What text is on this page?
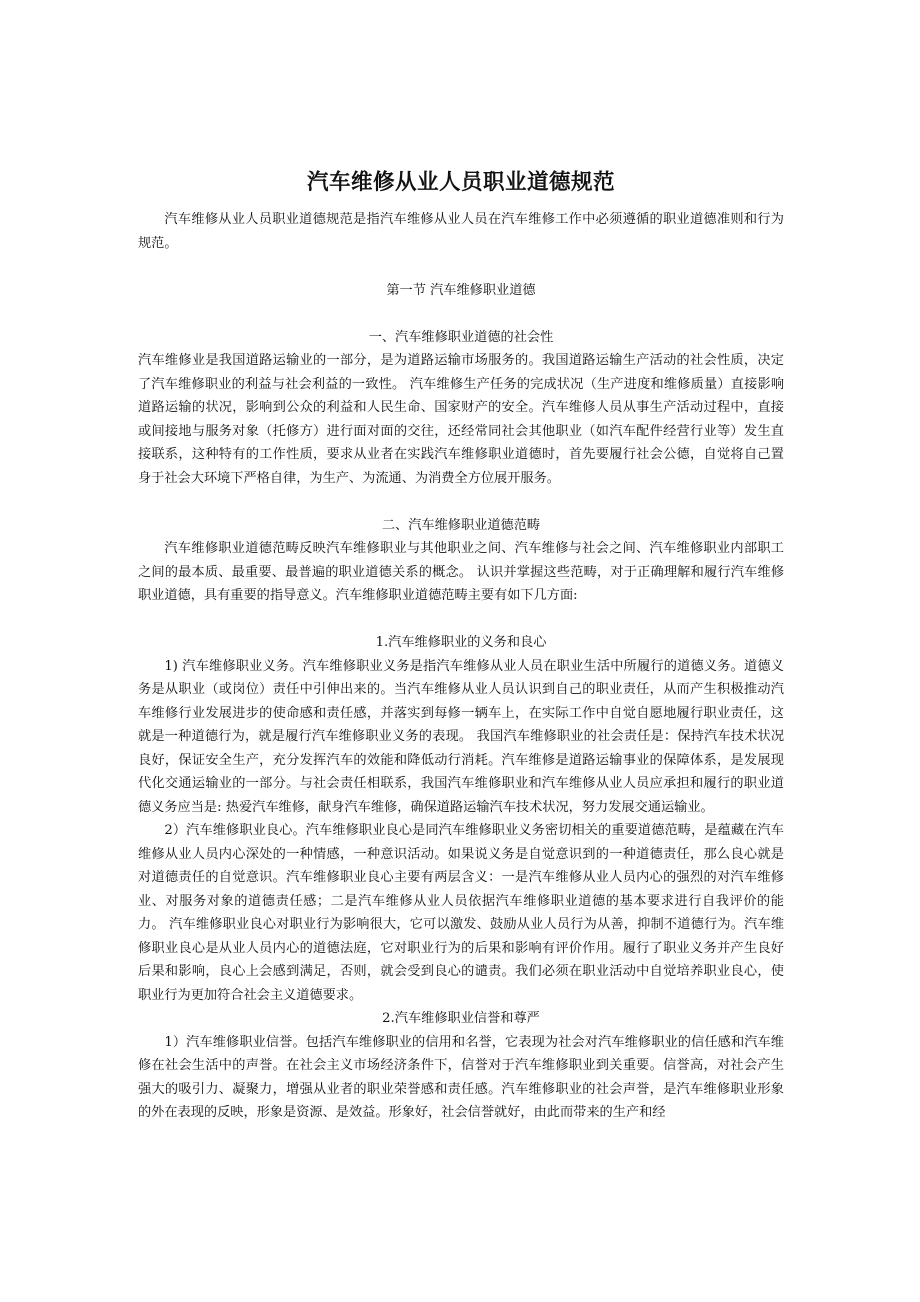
汽车维修从业人员职业道德规范

汽车维修从业人员职业道德规范是指汽车维修从业人员在汽车维修工作中必须遵循的职业道德准则和行为规范。

第一节 汽车维修职业道德

一、汽车维修职业道德的社会性

汽车维修业是我国道路运输业的一部分，是为道路运输市场服务的。我国道路运输生产活动的社会性质，决定了汽车维修职业的利益与社会利益的一致性。 汽车维修生产任务的完成状况（生产进度和维修质量）直接影响道路运输的状况，影响到公众的利益和人民生命、国家财产的安全。汽车维修人员从事生产活动过程中，直接或间接地与服务对象（托修方）进行面对面的交往，还经常同社会其他职业（如汽车配件经营行业等）发生直接联系，这种特有的工作性质，要求从业者在实践汽车维修职业道德时，首先要履行社会公德，自觉将自己置身于社会大环境下严格自律，为生产、为流通、为消费全方位展开服务。

二、汽车维修职业道德范畴

汽车维修职业道德范畴反映汽车维修职业与其他职业之间、汽车维修与社会之间、汽车维修职业内部职工之间的最本质、最重要、最普遍的职业道德关系的概念。 认识并掌握这些范畴，对于正确理解和履行汽车维修职业道德，具有重要的指导意义。汽车维修职业道德范畴主要有如下几方面:

1.汽车维修职业的义务和良心

1) 汽车维修职业义务。汽车维修职业义务是指汽车维修从业人员在职业生活中所履行的道德义务。道德义务是从职业（或岗位）责任中引伸出来的。当汽车维修从业人员认识到自己的职业责任，从而产生积极推动汽车维修行业发展进步的使命感和责任感，并落实到每修一辆车上，在实际工作中自觉自愿地履行职业责任，这就是一种道德行为，就是履行汽车维修职业义务的表现。 我国汽车维修职业的社会责任是：保持汽车技术状况良好，保证安全生产，充分发挥汽车的效能和降低动行消耗。汽车维修是道路运输事业的保障体系，是发展现代化交通运输业的一部分。与社会责任相联系，我国汽车维修职业和汽车维修从业人员应承担和履行的职业道德义务应当是: 热爱汽车维修，献身汽车维修，确保道路运输汽车技术状况，努力发展交通运输业。

2）汽车维修职业良心。汽车维修职业良心是同汽车维修职业义务密切相关的重要道德范畴，是蕴藏在汽车维修从业人员内心深处的一种情感，一种意识活动。如果说义务是自觉意识到的一种道德责任，那么良心就是对道德责任的自觉意识。汽车维修职业良心主要有两层含义：一是汽车维修从业人员内心的强烈的对汽车维修业、对服务对象的道德责任感；二是汽车维修从业人员依据汽车维修职业道德的基本要求进行自我评价的能力。 汽车维修职业良心对职业行为影响很大，它可以激发、鼓励从业人员行为从善，抑制不道德行为。汽车维修职业良心是从业人员内心的道德法庭，它对职业行为的后果和影响有评价作用。履行了职业义务并产生良好后果和影响，良心上会感到满足，否则，就会受到良心的谴责。我们必须在职业活动中自觉培养职业良心，使职业行为更加符合社会主义道德要求。

2.汽车维修职业信誉和尊严

1）汽车维修职业信誉。包括汽车维修职业的信用和名誉，它表现为社会对汽车维修职业的信任感和汽车维修在社会生活中的声誉。在社会主义市场经济条件下，信誉对于汽车维修职业到关重要。信誉高，对社会产生强大的吸引力、凝聚力，增强从业者的职业荣誉感和责任感。汽车维修职业的社会声誉，是汽车维修职业形象的外在表现的反映，形象是资源、是效益。形象好，社会信誉就好，由此而带来的生产和经
